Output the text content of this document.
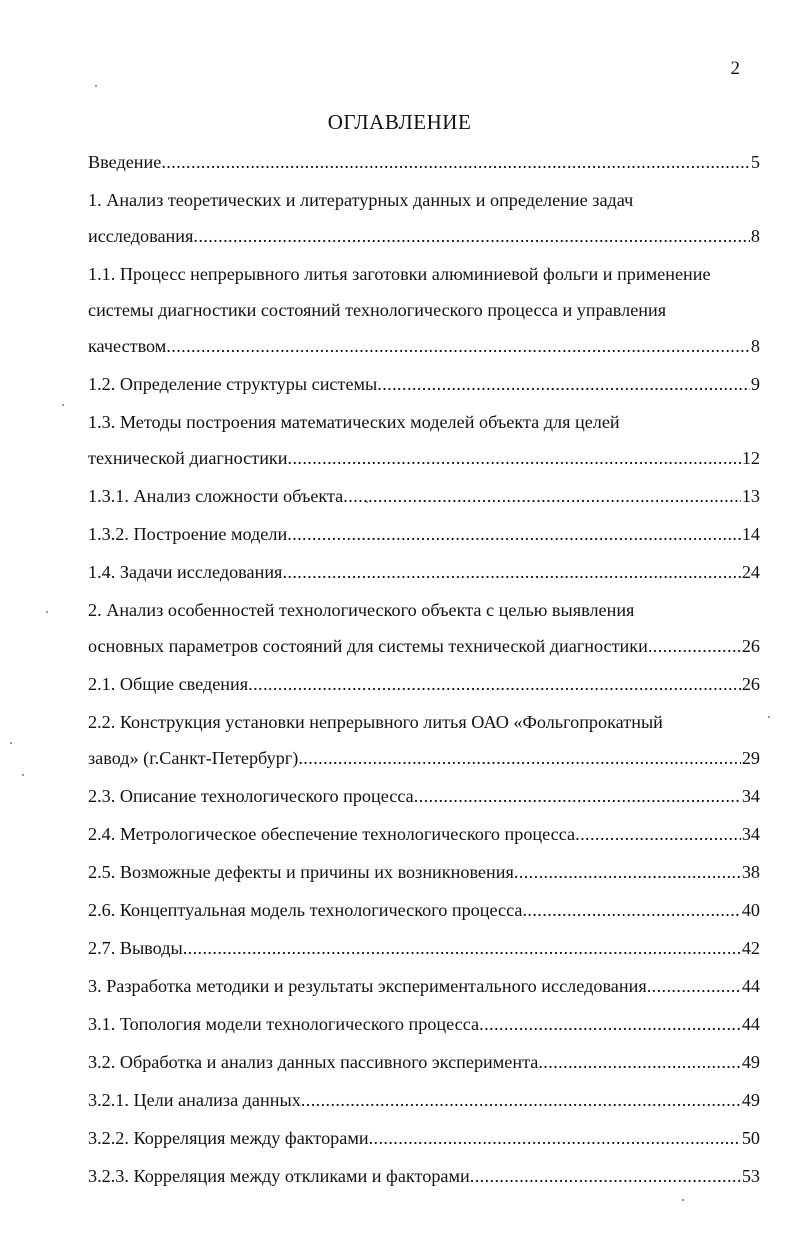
2
ОГЛАВЛЕНИЕ
Введение .....	5
1. Анализ теоретических и литературных данных и определение задач
исследования .....	8
1.1. Процесс непрерывного литья заготовки алюминиевой фольги и применение
системы диагностики состояний технологического процесса и управления
качеством .....	8
1.2. Определение структуры системы .....	9
1.3. Методы построения математических моделей объекта для целей
технической диагностики .....	12
1.3.1. Анализ сложности объекта .....	13
1.3.2. Построение модели .....	14
1.4. Задачи исследования .....	24
2. Анализ особенностей технологического объекта с целью выявления
основных параметров состояний для системы технической диагностики .....	26
2.1. Общие сведения .....	26
2.2. Конструкция установки непрерывного литья ОАО «Фольгопрокатный
завод» (г.Санкт-Петербург) .....	29
2.3. Описание технологического процесса .....	34
2.4. Метрологическое обеспечение технологического процесса .....	34
2.5. Возможные дефекты и причины их возникновения .....	38
2.6. Концептуальная модель технологического процесса .....	40
2.7. Выводы .....	42
3. Разработка методики и результаты экспериментального исследования .....	44
3.1. Топология модели технологического процесса .....	44
3.2. Обработка и анализ данных пассивного эксперимента .....	49
3.2.1. Цели анализа данных .....	49
3.2.2. Корреляция между факторами .....	50
3.2.3. Корреляция между откликами и факторами .....	53
